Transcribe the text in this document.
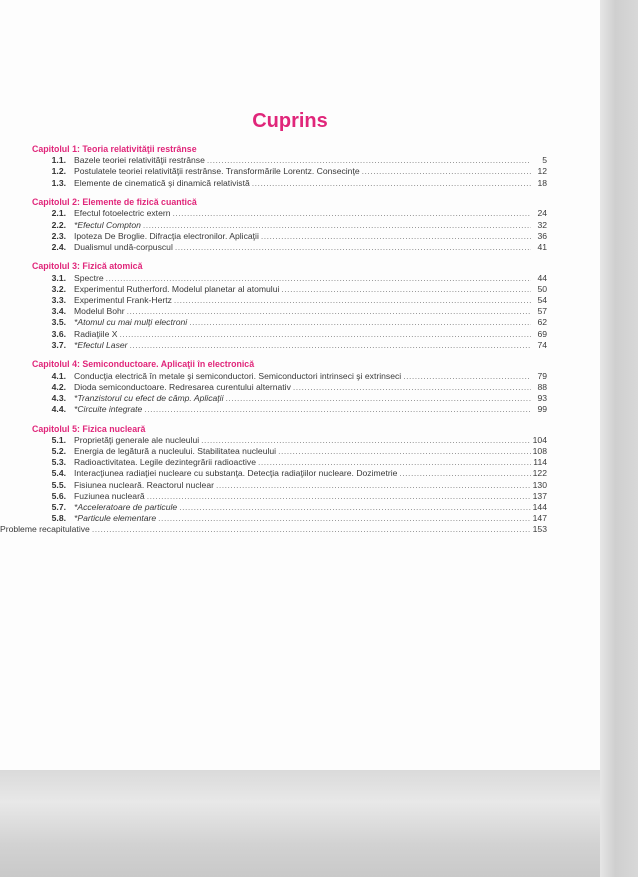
Cuprins
Capitolul 1: Teoria relativităţii restrânse
1.1. Bazele teoriei relativităţii restrânse .....	5
1.2. Postulatele teoriei relativităţii restrânse. Transformările Lorentz. Consecinţe .....	12
1.3. Elemente de cinematică şi dinamică relativistă .....	18
Capitolul 2: Elemente de fizică cuantică
2.1. Efectul fotoelectric extern .....	24
2.2. *Efectul Compton .....	32
2.3. Ipoteza De Broglie. Difracţia electronilor. Aplicaţii .....	36
2.4. Dualismul undă-corpuscul .....	41
Capitolul 3: Fizică atomică
3.1. Spectre .....	44
3.2. Experimentul Rutherford. Modelul planetar al atomului .....	50
3.3. Experimentul Frank-Hertz .....	54
3.4. Modelul Bohr .....	57
3.5. *Atomul cu mai mulţi electroni .....	62
3.6. Radiaţiile X .....	69
3.7. *Efectul Laser .....	74
Capitolul 4: Semiconductoare. Aplicaţii în electronică
4.1. Conducţia electrică în metale şi semiconductori. Semiconductori intrinseci şi extrinseci .....	79
4.2. Dioda semiconductoare. Redresarea curentului alternativ .....	88
4.3. *Tranzistorul cu efect de câmp. Aplicaţii .....	93
4.4. *Circuite integrate .....	99
Capitolul 5: Fizica nucleară
5.1. Proprietăţi generale ale nucleului .....	104
5.2. Energia de legătură a nucleului. Stabilitatea nucleului .....	108
5.3. Radioactivitatea. Legile dezintegrării radioactive .....	114
5.4. Interacţiunea radiaţiei nucleare cu substanţa. Detecţia radiaţiilor nucleare. Dozimetrie .....	122
5.5. Fisiunea nucleară. Reactorul nuclear .....	130
5.6. Fuziunea nucleară .....	137
5.7. *Acceleratoare de particule .....	144
5.8. *Particule elementare .....	147
Probleme recapitulative .....	153
